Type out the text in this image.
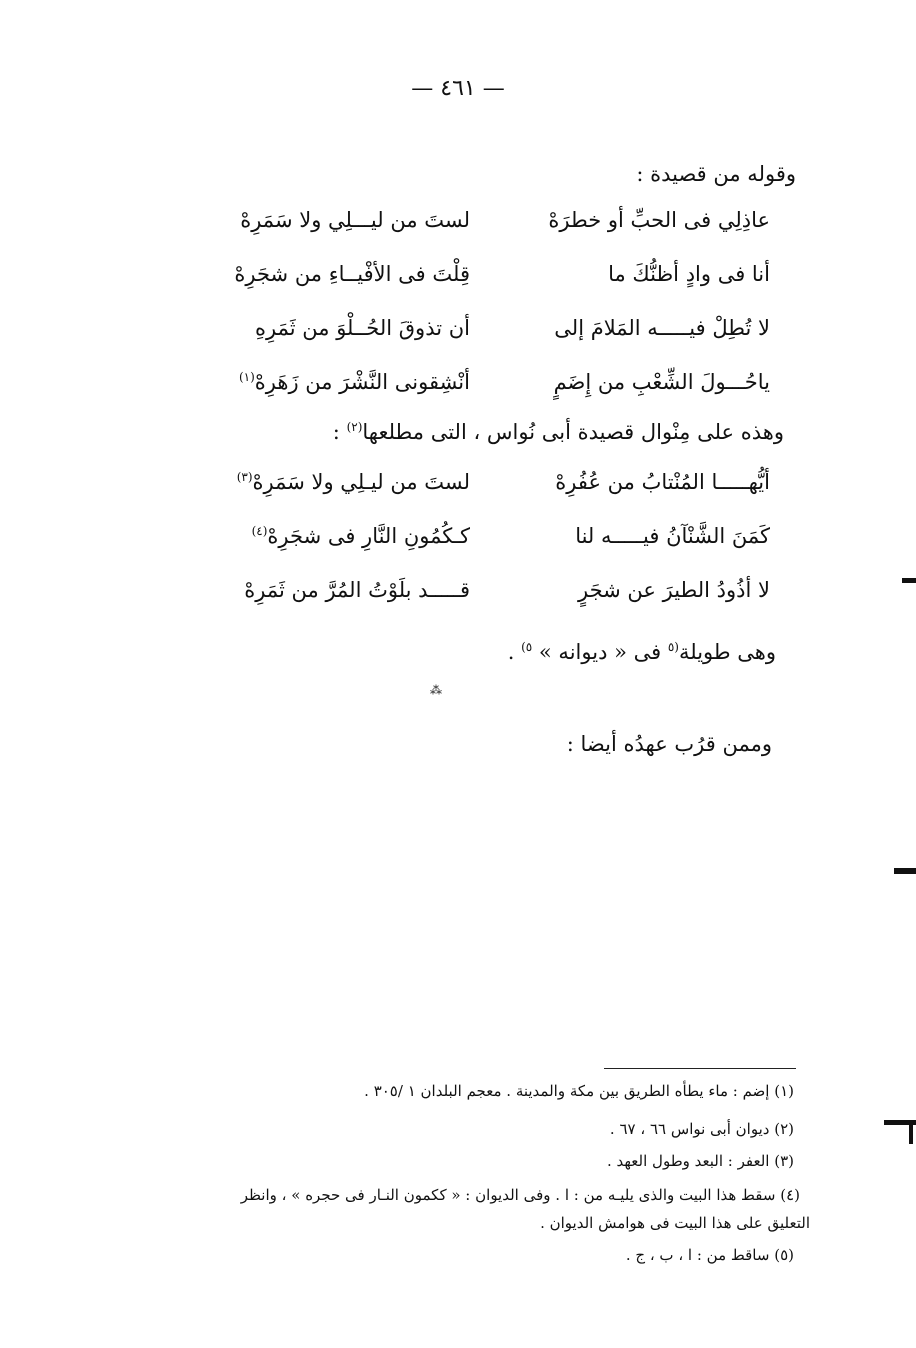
— ٤٦١ —
وقوله من قصيدة :
عاذِلِي فى الحبِّ أو خطرَهْ
لستَ من ليـــلِي ولا سَمَرِهْ
أنا فى وادٍ أظنُّكَ ما
قِلْتَ فى الأفْيــاءِ من شجَرِهْ
لا تُطِلْ فيـــــه المَلامَ إلى
أن تذوقَ الحُــلْوَ من ثَمَرِهِ
ياحُـــولَ الشِّعْبِ من إِضَمٍ
أنْشِقونى النَّشْرَ من زَهَرِهْ$^{(١)}$
وهذه على مِنْوال قصيدة أبى نُواس ، التى مطلعها$^{(٢)}$ :
أيُّهـــــا المُنْتابُ من عُفُرِهْ
لستَ من ليـلِي ولا سَمَرِهْ$^{(٣)}$
كَمَنَ الشَّنْآنُ فيـــــه لنا
كـكُمُونِ النَّارِ فى شجَرِهْ$^{(٤)}$
لا أذُودُ الطيرَ عن شجَرٍ
قـــــد بلَوْتُ المُرَّ من ثَمَرِهْ
وهى طويلة$^{(٥}$ فى « ديوانه » $^{٥)}$ .
⁂
وممن قرُب عهدُه أيضا :
(١) إضم : ماء يطأه الطريق بين مكة والمدينة . معجم البلدان ١ /٣٠٥ .
(٢) ديوان أبى نواس ٦٦ ، ٦٧ .
(٣) العفر : البعد وطول العهد .
(٤) سقط هذا البيت والذى يليـه من : ا . وفى الديوان : « ككمون النـار فى حجره » ، وانظر
التعليق على هذا البيت فى هوامش الديوان .
(٥) ساقط من : ا ، ب ، ج .
